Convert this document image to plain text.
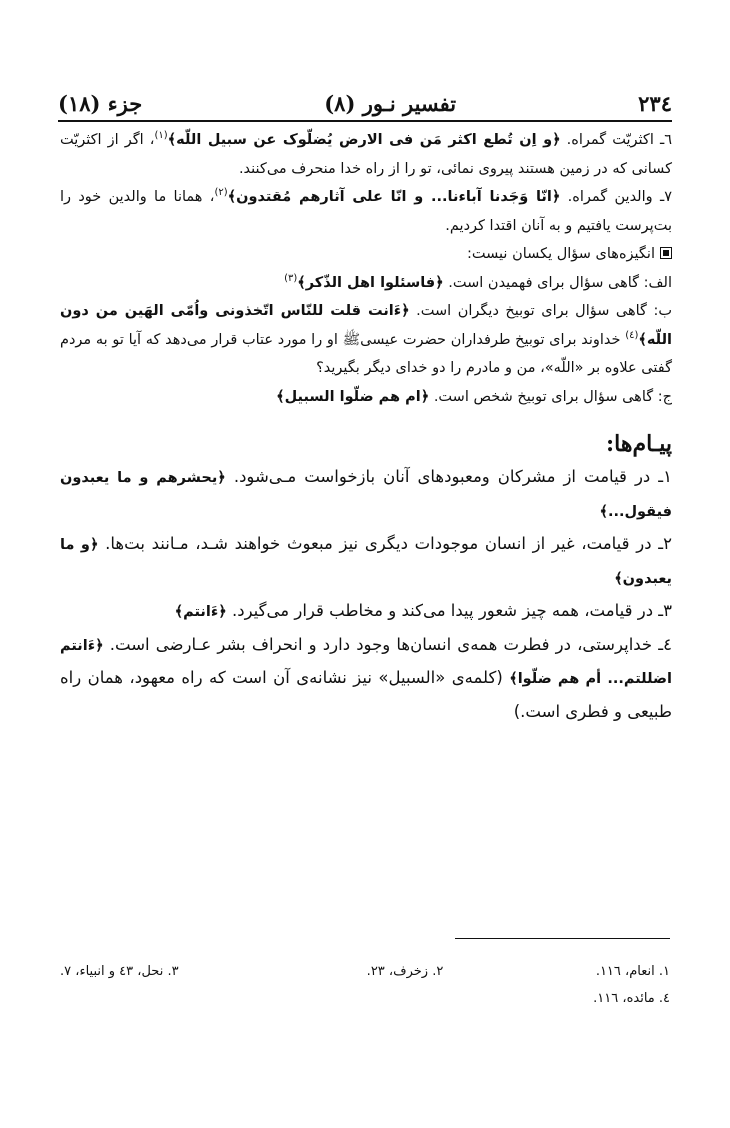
۲۳٤
تفسیر نـور (۸)
جزء (۱۸)

٦ـ اکثریّت گمراه. ﴿و اِن تُطع اکثر مَن فی الارض یُضلّوک عن سبیل اللّه﴾$^{(۱)}$، اگر از اکثریّت کسانی که در زمین هستند پیروی نمائی، تو را از راه خدا منحرف می‌کنند.

۷ـ والدین گمراه. ﴿انّا وَجَدنا آباءنا... و انّا علی آثارهم مُقتدون﴾$^{(۲)}$، همانا ما والدین خود را بت‌پرست یافتیم و به آنان اقتدا کردیم.

انگیزه‌های سؤال یکسان نیست:

الف: گاهی سؤال برای فهمیدن است. ﴿فاسئلوا اهل الذّکر﴾$^{(۳)}$

ب: گاهی سؤال برای توبیخ دیگران است. ﴿ءَانت قلت للنّاس اتّخذونی واُمّی الهَین من دون اللّه﴾$^{(٤)}$ خداوند برای توبیخ طرفداران حضرت عیسیﷺ او را مورد عتاب قرار می‌دهد که آیا تو به مردم گفتی علاوه بر «اللّه»، من و مادرم را دو خدای دیگر بگیرید؟

ج: گاهی سؤال برای توبیخ شخص است. ﴿ام هم ضلّوا السبیل﴾

پیـام‌ها:

۱ـ در قیامت از مشرکان ومعبودهای آنان بازخواست مـی‌شود. ﴿یحشرهم و ما یعبدون فیقول...﴾

۲ـ در قیامت، غیر از انسان موجودات دیگری نیز مبعوث خواهند شـد، مـانند بت‌ها. ﴿و ما یعبدون﴾

۳ـ در قیامت، همه چیز شعور پیدا می‌کند و مخاطب قرار می‌گیرد. ﴿ءَانتم﴾

٤ـ خداپرستی، در فطرت همه‌ی انسان‌ها وجود دارد و انحراف بشر عـارضی است. ﴿ءَانتم اضللتم... أم هم ضلّوا﴾ (کلمه‌ی «السبیل» نیز نشانه‌ی آن است که راه معهود، همان راه طبیعی و فطری است.)

۱. انعام، ۱۱٦.
۲. زخرف، ۲۳.
۳. نحل، ٤۳ و انبیاء، ۷.
٤. مائده، ۱۱٦.
